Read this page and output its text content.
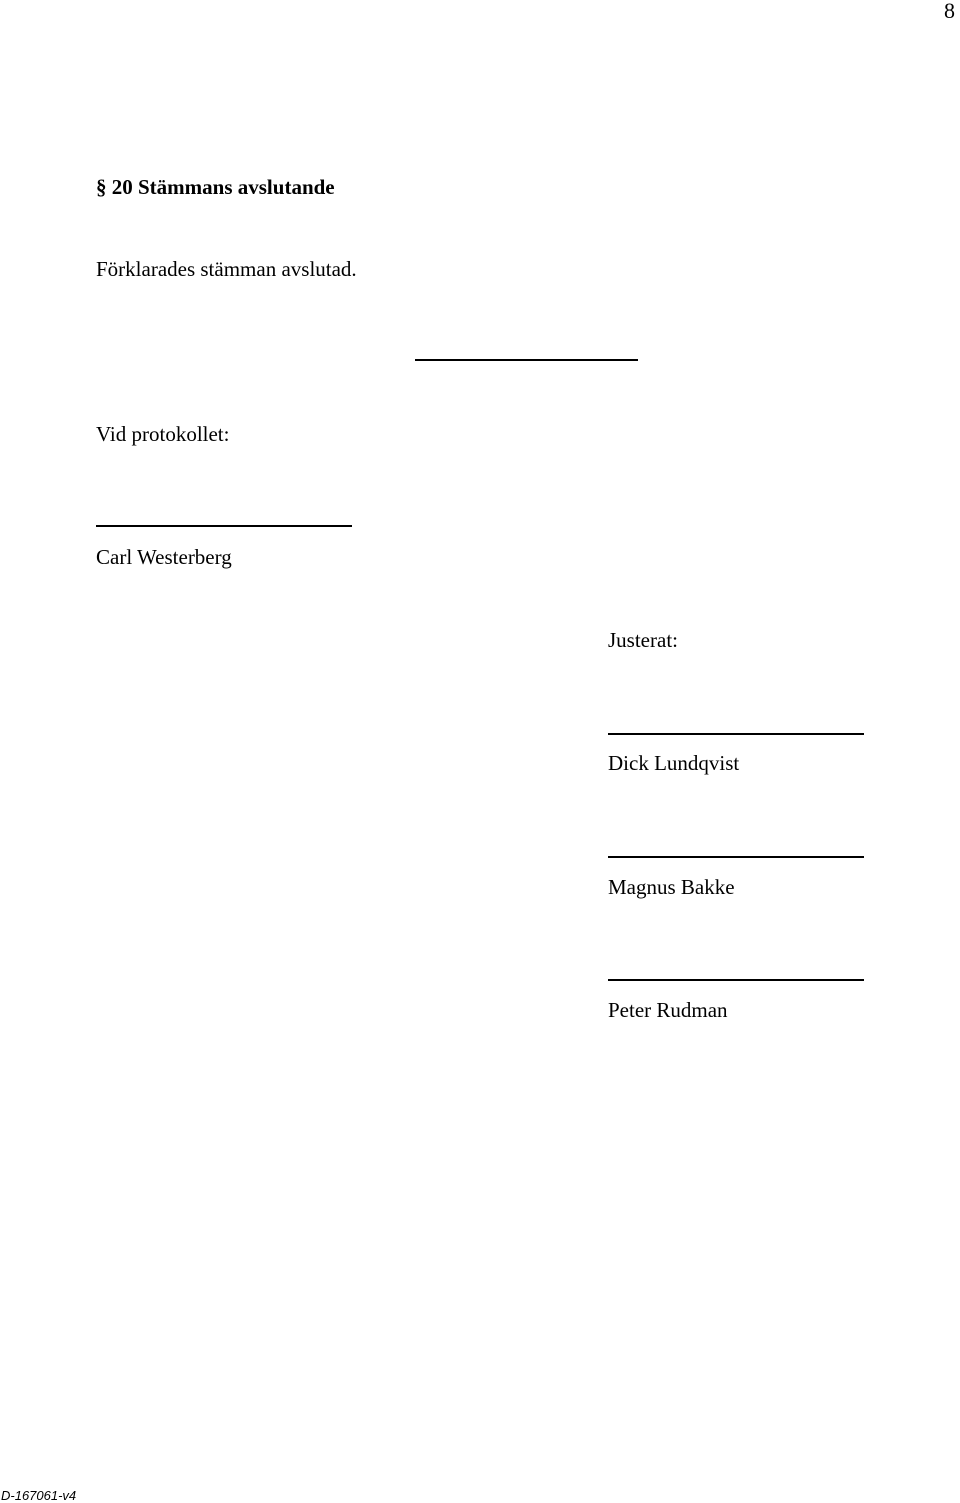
8
§ 20 Stämmans avslutande
Förklarades stämman avslutad.
Vid protokollet:
Carl Westerberg
Justerat:
Dick Lundqvist
Magnus Bakke
Peter Rudman
D-167061-v4
